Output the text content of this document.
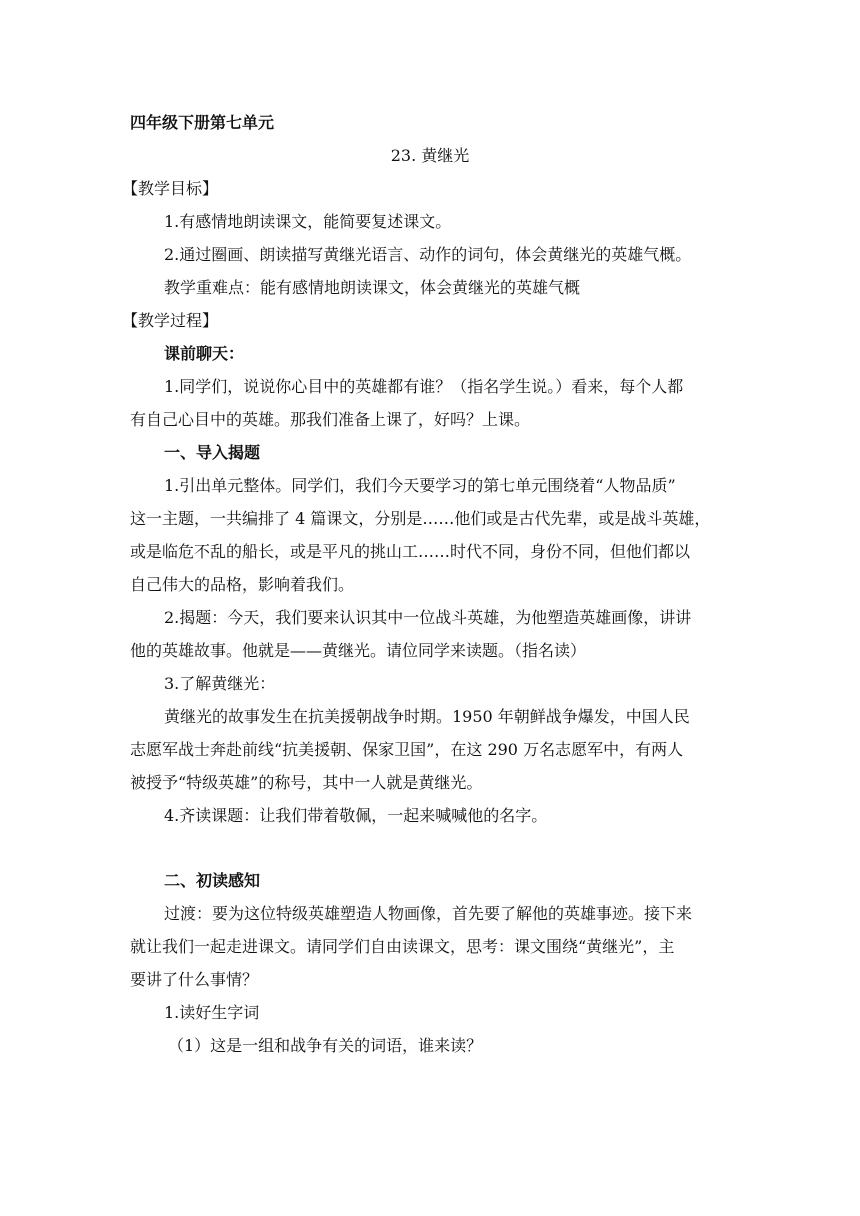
四年级下册第七单元

23. 黄继光

【教学目标】

1.有感情地朗读课文，能简要复述课文。

2.通过圈画、朗读描写黄继光语言、动作的词句，体会黄继光的英雄气概。

教学重难点：能有感情地朗读课文，体会黄继光的英雄气概

【教学过程】

课前聊天：

1.同学们，说说你心目中的英雄都有谁？（指名学生说。）看来，每个人都

有自己心目中的英雄。那我们准备上课了，好吗？上课。

一、导入揭题

1.引出单元整体。同学们，我们今天要学习的第七单元围绕着“人物品质”

这一主题，一共编排了 4 篇课文，分别是……他们或是古代先辈，或是战斗英雄，

或是临危不乱的船长，或是平凡的挑山工……时代不同，身份不同，但他们都以

自己伟大的品格，影响着我们。

2.揭题：今天，我们要来认识其中一位战斗英雄，为他塑造英雄画像，讲讲

他的英雄故事。他就是——黄继光。请位同学来读题。（指名读）

3.了解黄继光：

黄继光的故事发生在抗美援朝战争时期。1950 年朝鲜战争爆发，中国人民

志愿军战士奔赴前线“抗美援朝、保家卫国”，在这 290 万名志愿军中，有两人

被授予“特级英雄”的称号，其中一人就是黄继光。

4.齐读课题：让我们带着敬佩，一起来喊喊他的名字。

二、初读感知

过渡：要为这位特级英雄塑造人物画像，首先要了解他的英雄事迹。接下来

就让我们一起走进课文。请同学们自由读课文，思考：课文围绕“黄继光”，主

要讲了什么事情？

1.读好生字词

（1）这是一组和战争有关的词语，谁来读？
